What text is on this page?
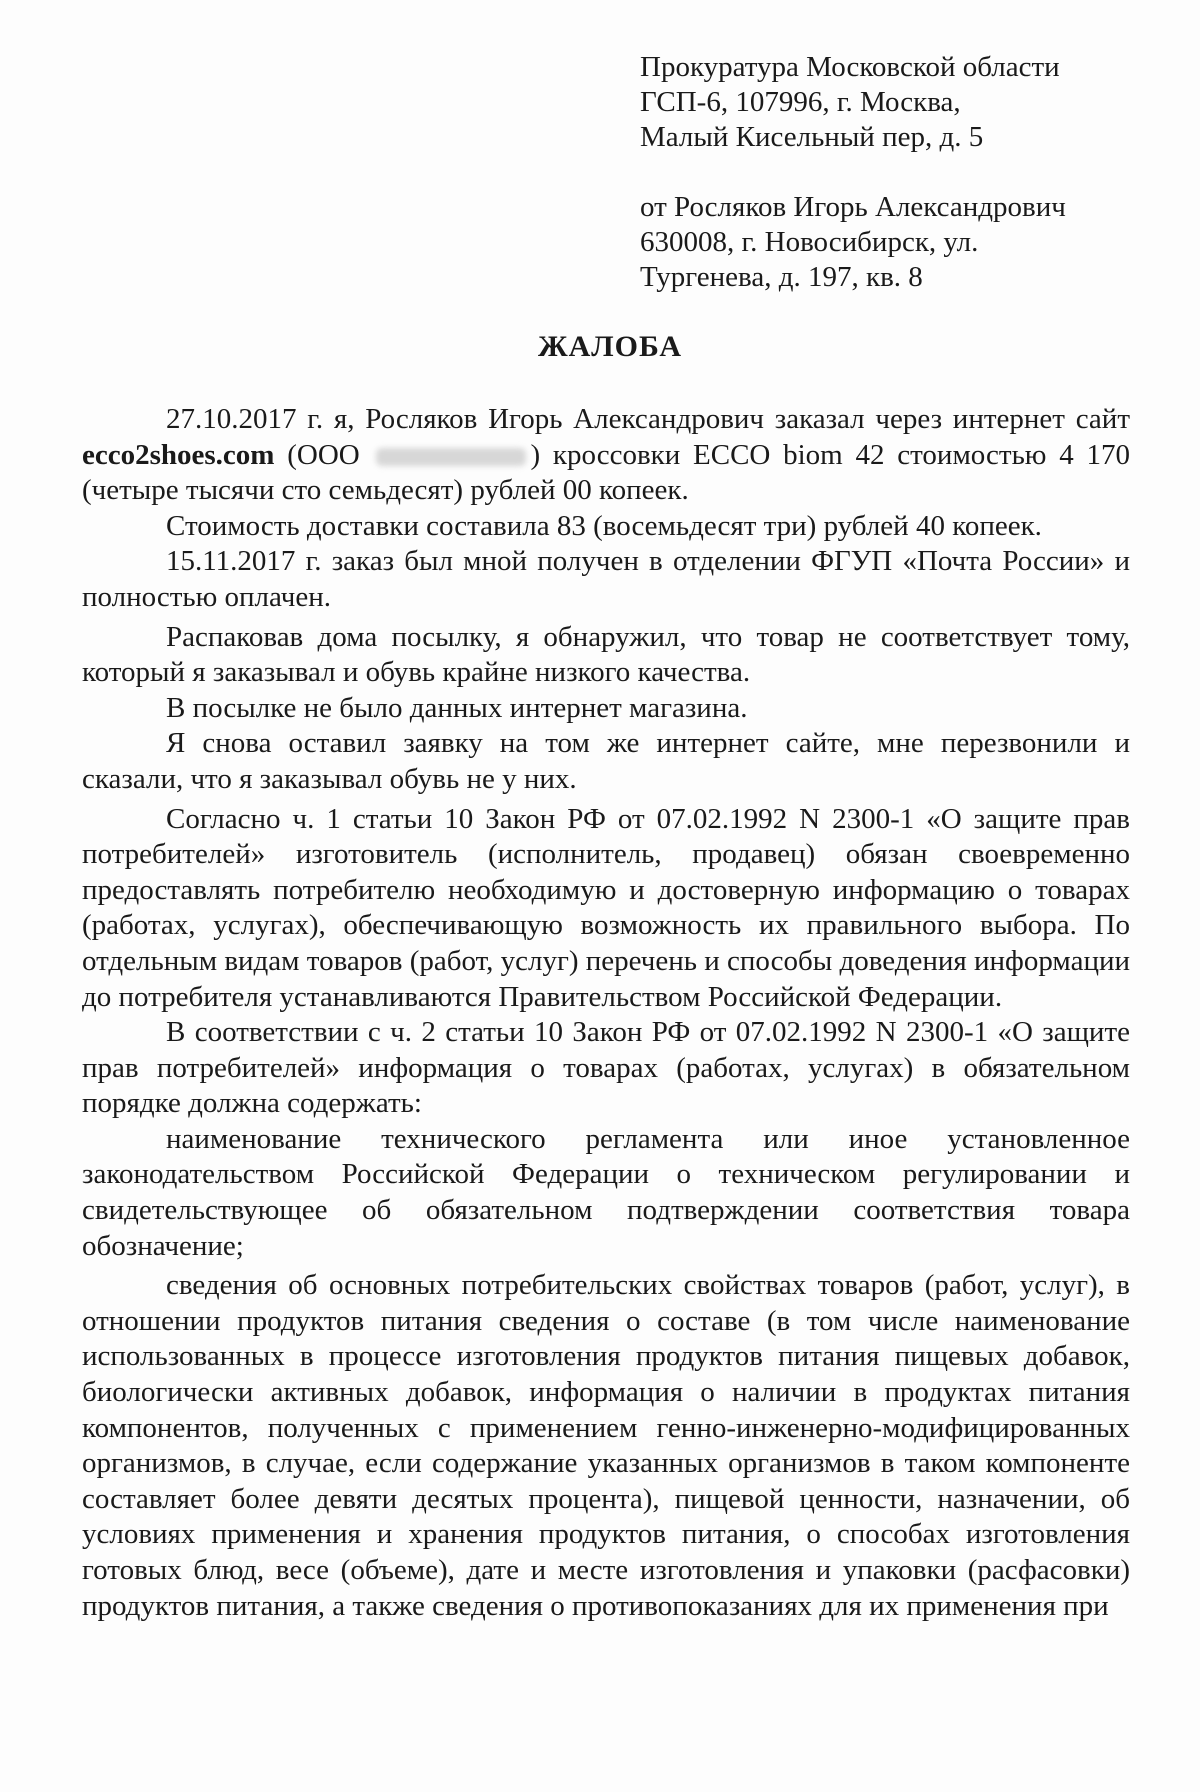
Прокуратура Московской области
ГСП-6, 107996, г. Москва,
Малый Кисельный пер, д. 5
от Росляков Игорь Александрович
630008, г. Новосибирск, ул.
Тургенева, д. 197, кв. 8
ЖАЛОБА

27.10.2017 г. я, Росляков Игорь Александрович заказал через интернет сайт ecco2shoes.com (ООО	) кроссовки ECCO biom 42 стоимостью 4 170 (четыре тысячи сто семьдесят) рублей 00 копеек.

Стоимость доставки составила 83 (восемьдесят три) рублей 40 копеек.

15.11.2017 г. заказ был мной получен в отделении ФГУП «Почта России» и полностью оплачен.

Распаковав дома посылку, я обнаружил, что товар не соответствует тому, который я заказывал и обувь крайне низкого качества.

В посылке не было данных интернет магазина.

Я снова оставил заявку на том же интернет сайте, мне перезвонили и сказали, что я заказывал обувь не у них.

Согласно ч. 1 статьи 10 Закон РФ от 07.02.1992 N 2300-1 «О защите прав потребителей» изготовитель (исполнитель, продавец) обязан своевременно предоставлять потребителю необходимую и достоверную информацию о товарах (работах, услугах), обеспечивающую возможность их правильного выбора. По отдельным видам товаров (работ, услуг) перечень и способы доведения информации до потребителя устанавливаются Правительством Российской Федерации.

В соответствии с ч. 2 статьи 10 Закон РФ от 07.02.1992 N 2300-1 «О защите прав потребителей» информация о товарах (работах, услугах) в обязательном порядке должна содержать:

наименование технического регламента или иное установленное законодательством Российской Федерации о техническом регулировании и свидетельствующее об обязательном подтверждении соответствия товара обозначение;

сведения об основных потребительских свойствах товаров (работ, услуг), в отношении продуктов питания сведения о составе (в том числе наименование использованных в процессе изготовления продуктов питания пищевых добавок, биологически активных добавок, информация о наличии в продуктах питания компонентов, полученных с применением генно-инженерно-модифицированных организмов, в случае, если содержание указанных организмов в таком компоненте составляет более девяти десятых процента), пищевой ценности, назначении, об условиях применения и хранения продуктов питания, о способах изготовления готовых блюд, весе (объеме), дате и месте изготовления и упаковки (расфасовки) продуктов питания, а также сведения о противопоказаниях для их применения при
